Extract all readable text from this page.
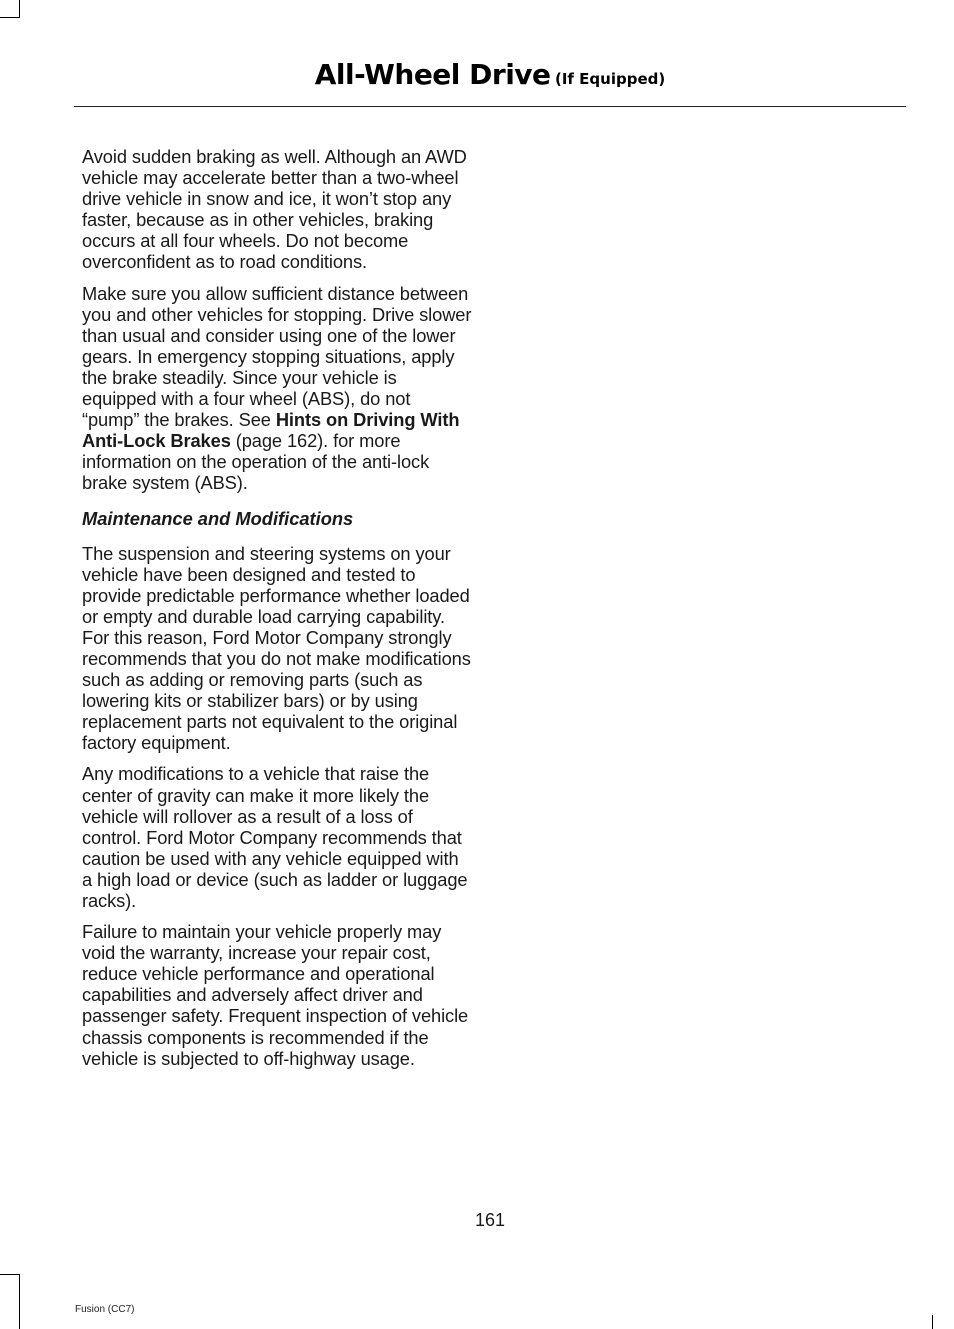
All-Wheel Drive (If Equipped)

Avoid sudden braking as well. Although an AWD vehicle may accelerate better than a two-wheel drive vehicle in snow and ice, it won’t stop any faster, because as in other vehicles, braking occurs at all four wheels. Do not become overconfident as to road conditions.

Make sure you allow sufficient distance between you and other vehicles for stopping. Drive slower than usual and consider using one of the lower gears. In emergency stopping situations, apply the brake steadily. Since your vehicle is equipped with a four wheel (ABS), do not “pump” the brakes. See Hints on Driving With Anti-Lock Brakes (page 162). for more information on the operation of the anti-lock brake system (ABS).

Maintenance and Modifications

The suspension and steering systems on your vehicle have been designed and tested to provide predictable performance whether loaded or empty and durable load carrying capability. For this reason, Ford Motor Company strongly recommends that you do not make modifications such as adding or removing parts (such as lowering kits or stabilizer bars) or by using replacement parts not equivalent to the original factory equipment.

Any modifications to a vehicle that raise the center of gravity can make it more likely the vehicle will rollover as a result of a loss of control. Ford Motor Company recommends that caution be used with any vehicle equipped with a high load or device (such as ladder or luggage racks).

Failure to maintain your vehicle properly may void the warranty, increase your repair cost, reduce vehicle performance and operational capabilities and adversely affect driver and passenger safety. Frequent inspection of vehicle chassis components is recommended if the vehicle is subjected to off-highway usage.

161
Fusion (CC7)
